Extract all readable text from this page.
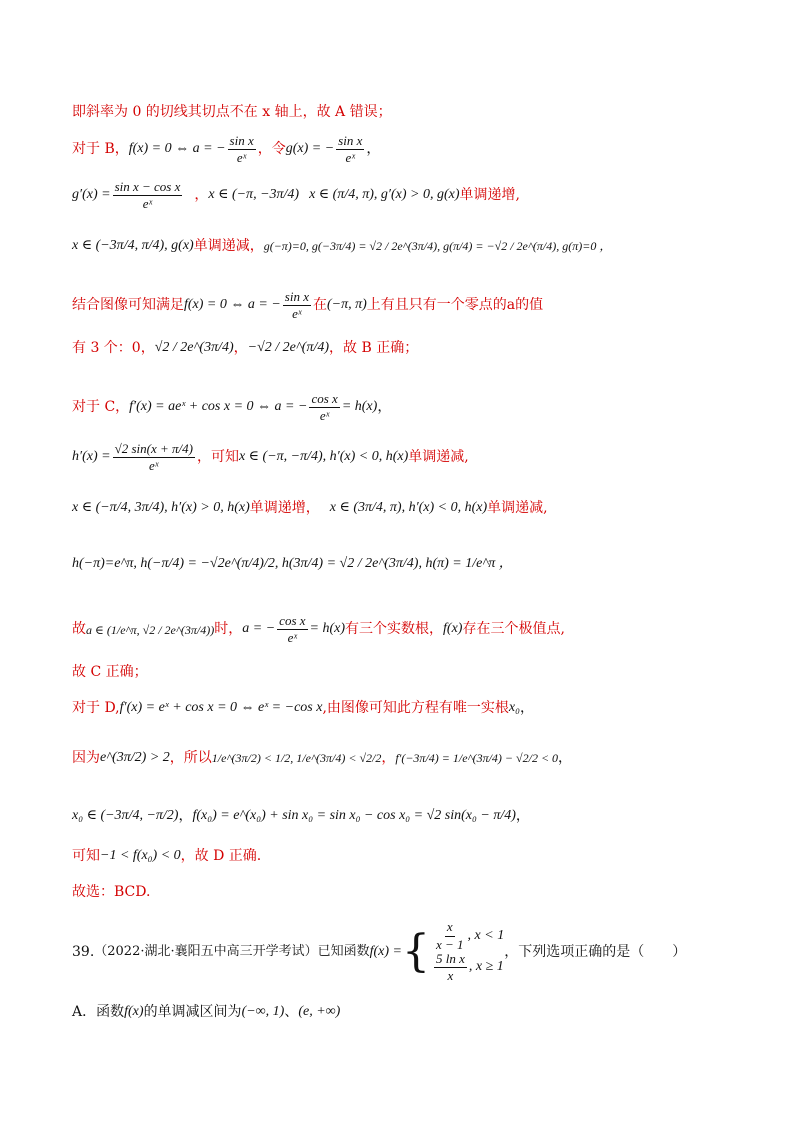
即斜率为 0 的切线其切点不在 x 轴上，故 A 错误；
对于 B， f(x) = 0 ⇔ a = − $\frac{\text{sin x}}{\text{eˣ}}$ ，令 g(x) = − $\frac{\text{sin x}}{\text{eˣ}}$ ，
$g'(x) = \frac{\text{sin x − cos x}}{\text{eˣ}}$ ， x ∈ (−π, −3π/4) x ∈ (π/4, π) , g′(x) > 0, g(x) 单调递增,
x ∈ (−3π/4, π/4) , g(x) 单调递减， g(−π)=0, g(−3π/4) = √2 / 2e^(3π/4), g(π/4) = −√2 / 2e^(π/4), g(π)=0 ，
结合图像可知满足 f(x) = 0 ⇔ a = − $\frac{\text{sin x}}{\text{eˣ}}$ 在 (−π, π) 上有且只有一个零点的a的值
有 3 个：0， √2 / 2e^(3π/4) ， −√2 / 2e^(π/4) ，故 B 正确；
对于 C， f′(x) = aeˣ + cos x = 0 ⇔ a = − $\frac{\text{cos x}}{\text{eˣ}} = h(x)$ ，
$h'(x) = \frac{√2 \sin(x + \pi/4)}{\text{eˣ}}$ ，可知 x ∈ (−π, −π/4), h′(x) < 0, h(x) 单调递减,
x ∈ (−π/4, 3π/4), h′(x) > 0, h(x) 单调递增， x ∈ (3π/4, π), h′(x) < 0, h(x) 单调递减,
h(−π)=e^π, h(−π/4) = −√2e^(π/4)/2, h(3π/4) = √2 / 2e^(3π/4), h(π) = 1/e^π ，
故 a ∈ (1/e^π, √2 / 2e^(3π/4)) 时， a = − $\frac{\text{cos x}}{\text{eˣ}} = h(x)$ 有三个实数根， f(x) 存在三个极值点,
故 C 正确；
对于 D, f′(x) = eˣ + cos x = 0 ⇔ eˣ = −cos x ,由图像可知此方程有唯一实根 x₀ ，
因为 e^(3π/2) > 2 ，所以 1/e^(3π/2) < 1/2, 1/e^(3π/4) < √2/2 ， f′(−3π/4) = 1/e^(3π/4) − √2/2 < 0 ，
x₀ ∈ (−3π/4, −π/2) ， f(x₀) = e^(x₀) + sin x₀ = sin x₀ − cos x₀ = √2 sin(x₀ − π/4) ，
可知 −1 < f(x₀) < 0 ，故 D 正确.
故选：BCD.
39. （2022·湖北·襄阳五中高三开学考试）已知函数 f(x) = { $\frac{x}{x - 1}$ , x < 1
$\frac{\text{5 ln x}}{x}$ , x ≥ 1
，下列选项正确的是（　　）
A．函数 f(x) 的单调减区间为 (−∞, 1) 、 (e, +∞)
